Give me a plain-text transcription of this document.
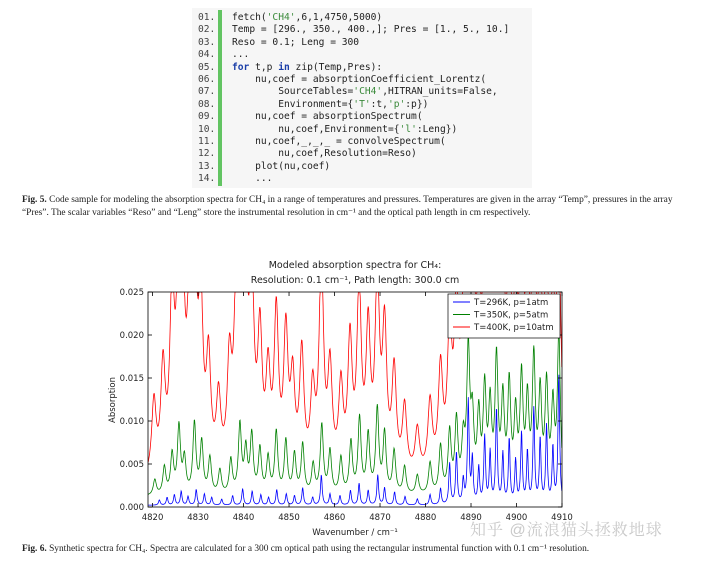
01.	fetch('CH4',6,1,4750,5000)
02.	Temp = [296., 350., 400.,]; Pres = [1., 5., 10.]
03.	Reso = 0.1; Leng = 300
04.	...
05.	for t,p in zip(Temp,Pres):
06.	nu,coef = absorptionCoefficient_Lorentz(
07.	SourceTables='CH4',HITRAN_units=False,
08.	Environment={'T':t,'p':p})
09.	nu,coef = absorptionSpectrum(
10.	nu,coef,Environment={'l':Leng})
11.	nu,coef,_,_,_ = convolveSpectrum(
12.	nu,coef,Resolution=Reso)
13.	plot(nu,coef)
14.	...
Fig. 5. Code sample for modeling the absorption spectra for CH₄ in a range of temperatures and pressures. Temperatures are given in the array “Temp”, pressures in the array “Pres”. The scalar variables “Reso” and “Leng” store the instrumental resolution in cm⁻¹ and the optical path length in cm respectively.
Modeled absorption spectra for CH₄:
Resolution: 0.1 cm⁻¹, Path length: 300.0 cm
Absorption
Wavenumber / cm⁻¹
4820	4830	4840	4850	4860	4870	4880	4890	4900	4910
0.000
0.005
0.010
0.015
0.020
0.025
T=296K, p=1atm
T=350K, p=5atm
T=400K, p=10atm
Fig. 6. Synthetic spectra for CH₄. Spectra are calculated for a 300 cm optical path using the rectangular instrumental function with 0.1 cm⁻¹ resolution.
知乎 @流浪猫头拯救地球
